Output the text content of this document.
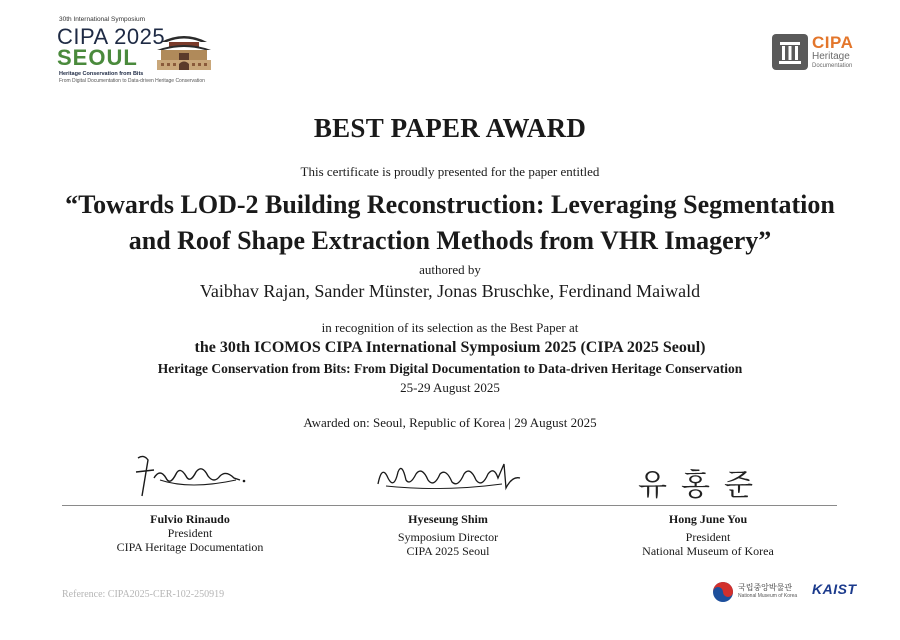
30th International Symposium
CIPA 2025
SEOUL
Heritage Conservation from Bits
From Digital Documentation to Data-driven Heritage Conservation
CIPA
Heritage
Documentation
BEST PAPER AWARD
This certificate is proudly presented for the paper entitled
“Towards LOD-2 Building Reconstruction: Leveraging Segmentation
and Roof Shape Extraction Methods from VHR Imagery”
authored by
Vaibhav Rajan, Sander Münster, Jonas Bruschke, Ferdinand Maiwald
in recognition of its selection as the Best Paper at
the 30th ICOMOS CIPA International Symposium 2025 (CIPA 2025 Seoul)
Heritage Conservation from Bits: From Digital Documentation to Data-driven Heritage Conservation
25-29 August 2025
Awarded on: Seoul, Republic of Korea | 29 August 2025
유홍준
Fulvio Rinaudo
President
CIPA Heritage Documentation
Hyeseung Shim
Symposium Director
CIPA 2025 Seoul
Hong June You
President
National Museum of Korea
Reference: CIPA2025-CER-102-250919
국립중앙박물관
National Museum of Korea KAIST
